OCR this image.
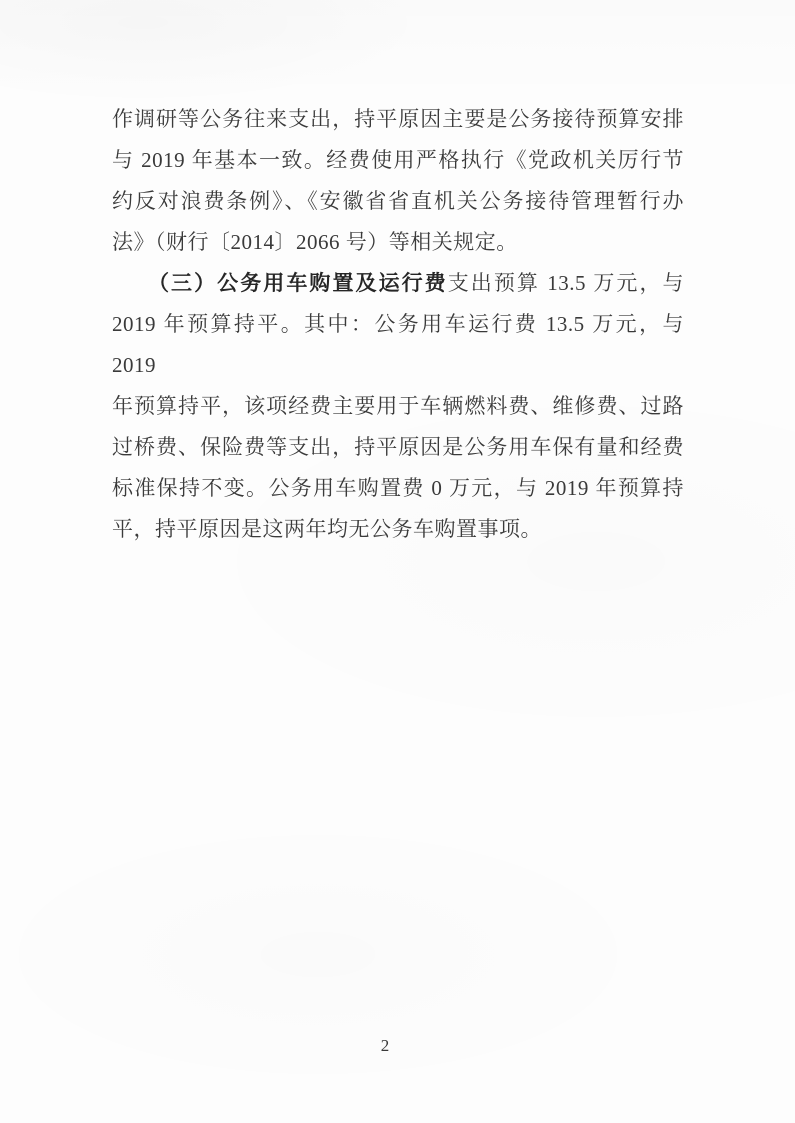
作调研等公务往来支出，持平原因主要是公务接待预算安排
与 2019 年基本一致。经费使用严格执行《党政机关厉行节
约反对浪费条例》、《安徽省省直机关公务接待管理暂行办
法》（财行〔2014〕2066 号）等相关规定。
（三）公务用车购置及运行费支出预算 13.5 万元，与
2019 年预算持平。其中：公务用车运行费 13.5 万元，与 2019
年预算持平，该项经费主要用于车辆燃料费、维修费、过路
过桥费、保险费等支出，持平原因是公务用车保有量和经费
标准保持不变。公务用车购置费 0 万元，与 2019 年预算持
平，持平原因是这两年均无公务车购置事项。
2
